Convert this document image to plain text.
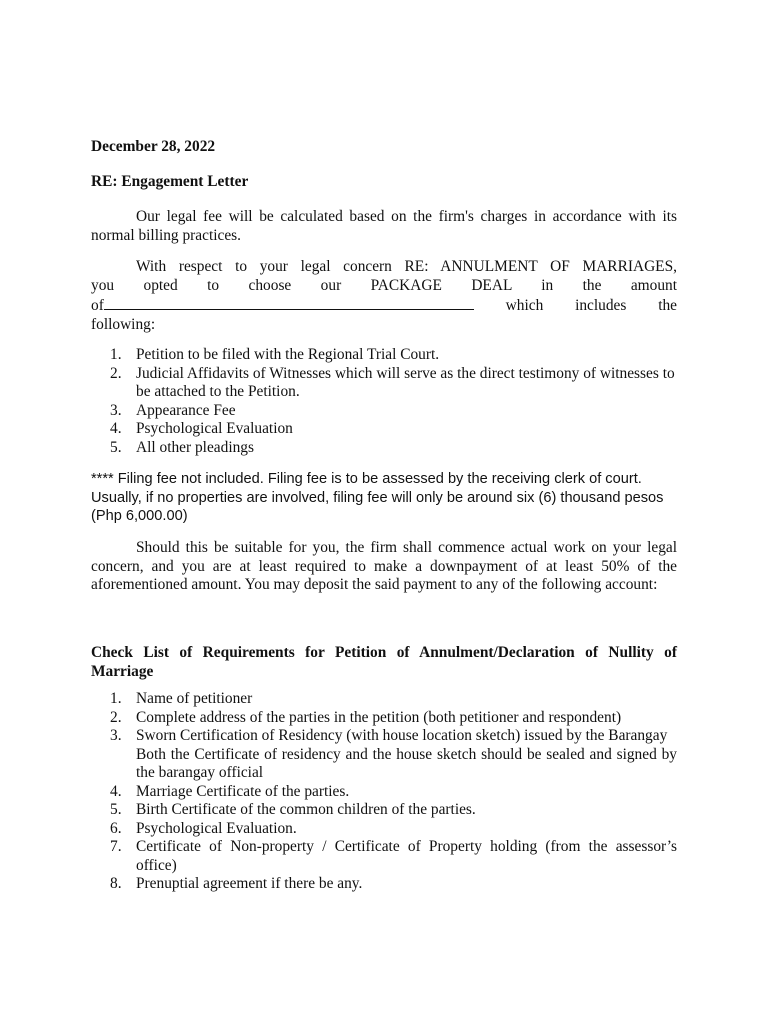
December 28, 2022
RE: Engagement Letter
Our legal fee will be calculated based on the firm's charges in accordance with its normal billing practices.
With respect to your legal concern RE: ANNULMENT OF MARRIAGES,
you opted to choose our PACKAGE DEAL in the amount
of	which includes the
following:
1. Petition to be filed with the Regional Trial Court.
2. Judicial Affidavits of Witnesses which will serve as the direct testimony of witnesses to be attached to the Petition.
3. Appearance Fee
4. Psychological Evaluation
5. All other pleadings
**** Filing fee not included. Filing fee is to be assessed by the receiving clerk of court. Usually, if no properties are involved, filing fee will only be around six (6) thousand pesos (Php 6,000.00)
Should this be suitable for you, the firm shall commence actual work on your legal concern, and you are at least required to make a downpayment of at least 50% of the aforementioned amount. You may deposit the said payment to any of the following account:
Check List of Requirements for Petition of Annulment/Declaration of Nullity of Marriage
1. Name of petitioner
2. Complete address of the parties in the petition (both petitioner and respondent)
3. Sworn Certification of Residency (with house location sketch) issued by the Barangay
Both the Certificate of residency and the house sketch should be sealed and signed by the barangay official
4. Marriage Certificate of the parties.
5. Birth Certificate of the common children of the parties.
6. Psychological Evaluation.
7. Certificate of Non-property / Certificate of Property holding (from the assessor’s office)
8. Prenuptial agreement if there be any.
